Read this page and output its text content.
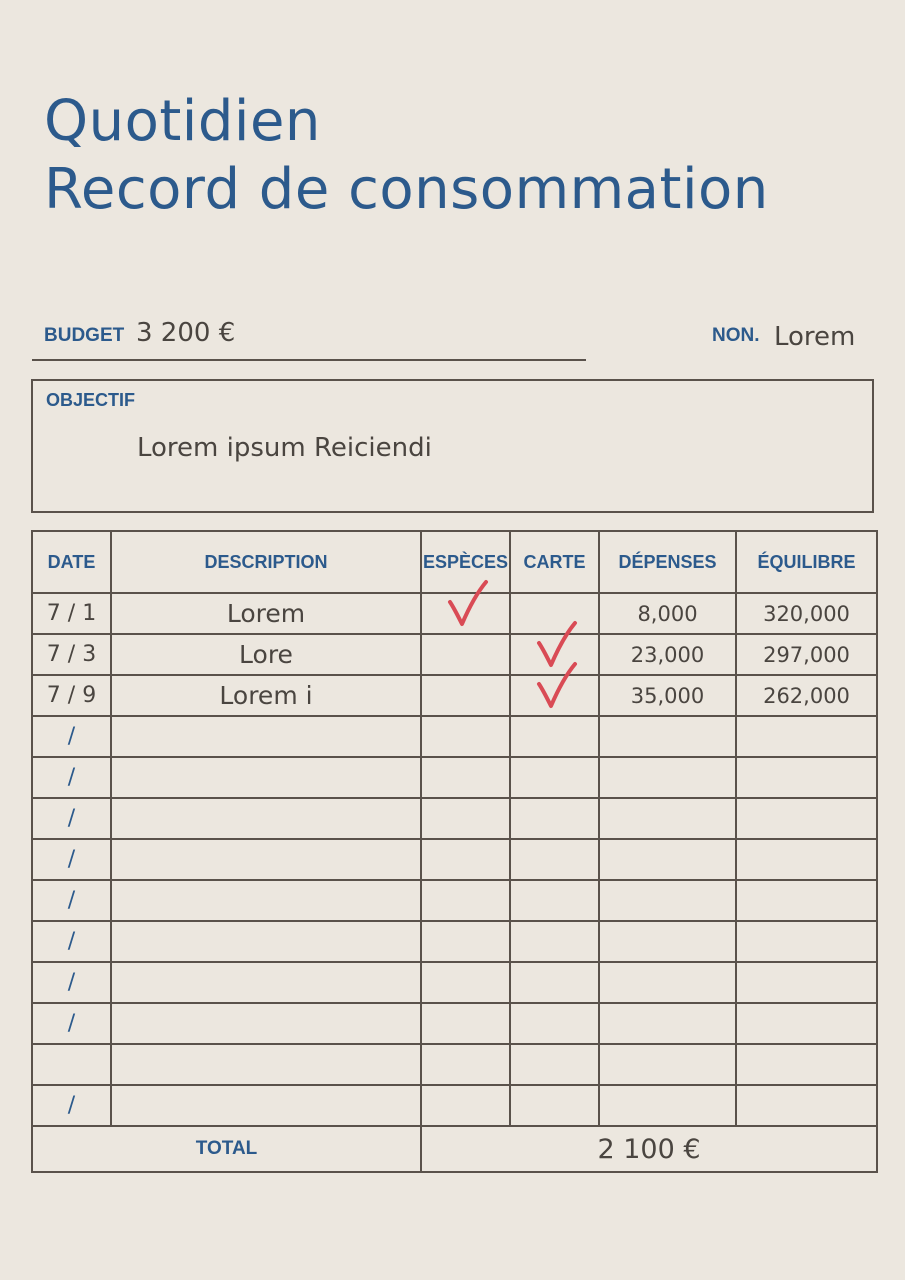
Quotidien
Record de consommation
BUDGET 3 200 €	NON. Lorem
OBJECTIF
Lorem ipsum Reiciendi
DATE	DESCRIPTION	ESPÈCES	CARTE	DÉPENSES	ÉQUILIBRE
7 / 1	Lorem			8,000	320,000
7 / 3	Lore			23,000	297,000
7 / 9	Lorem i			35,000	262,000
/					
/					
/					
/					
/					
/					
/					
/					

/					
TOTAL		2 100 €			
